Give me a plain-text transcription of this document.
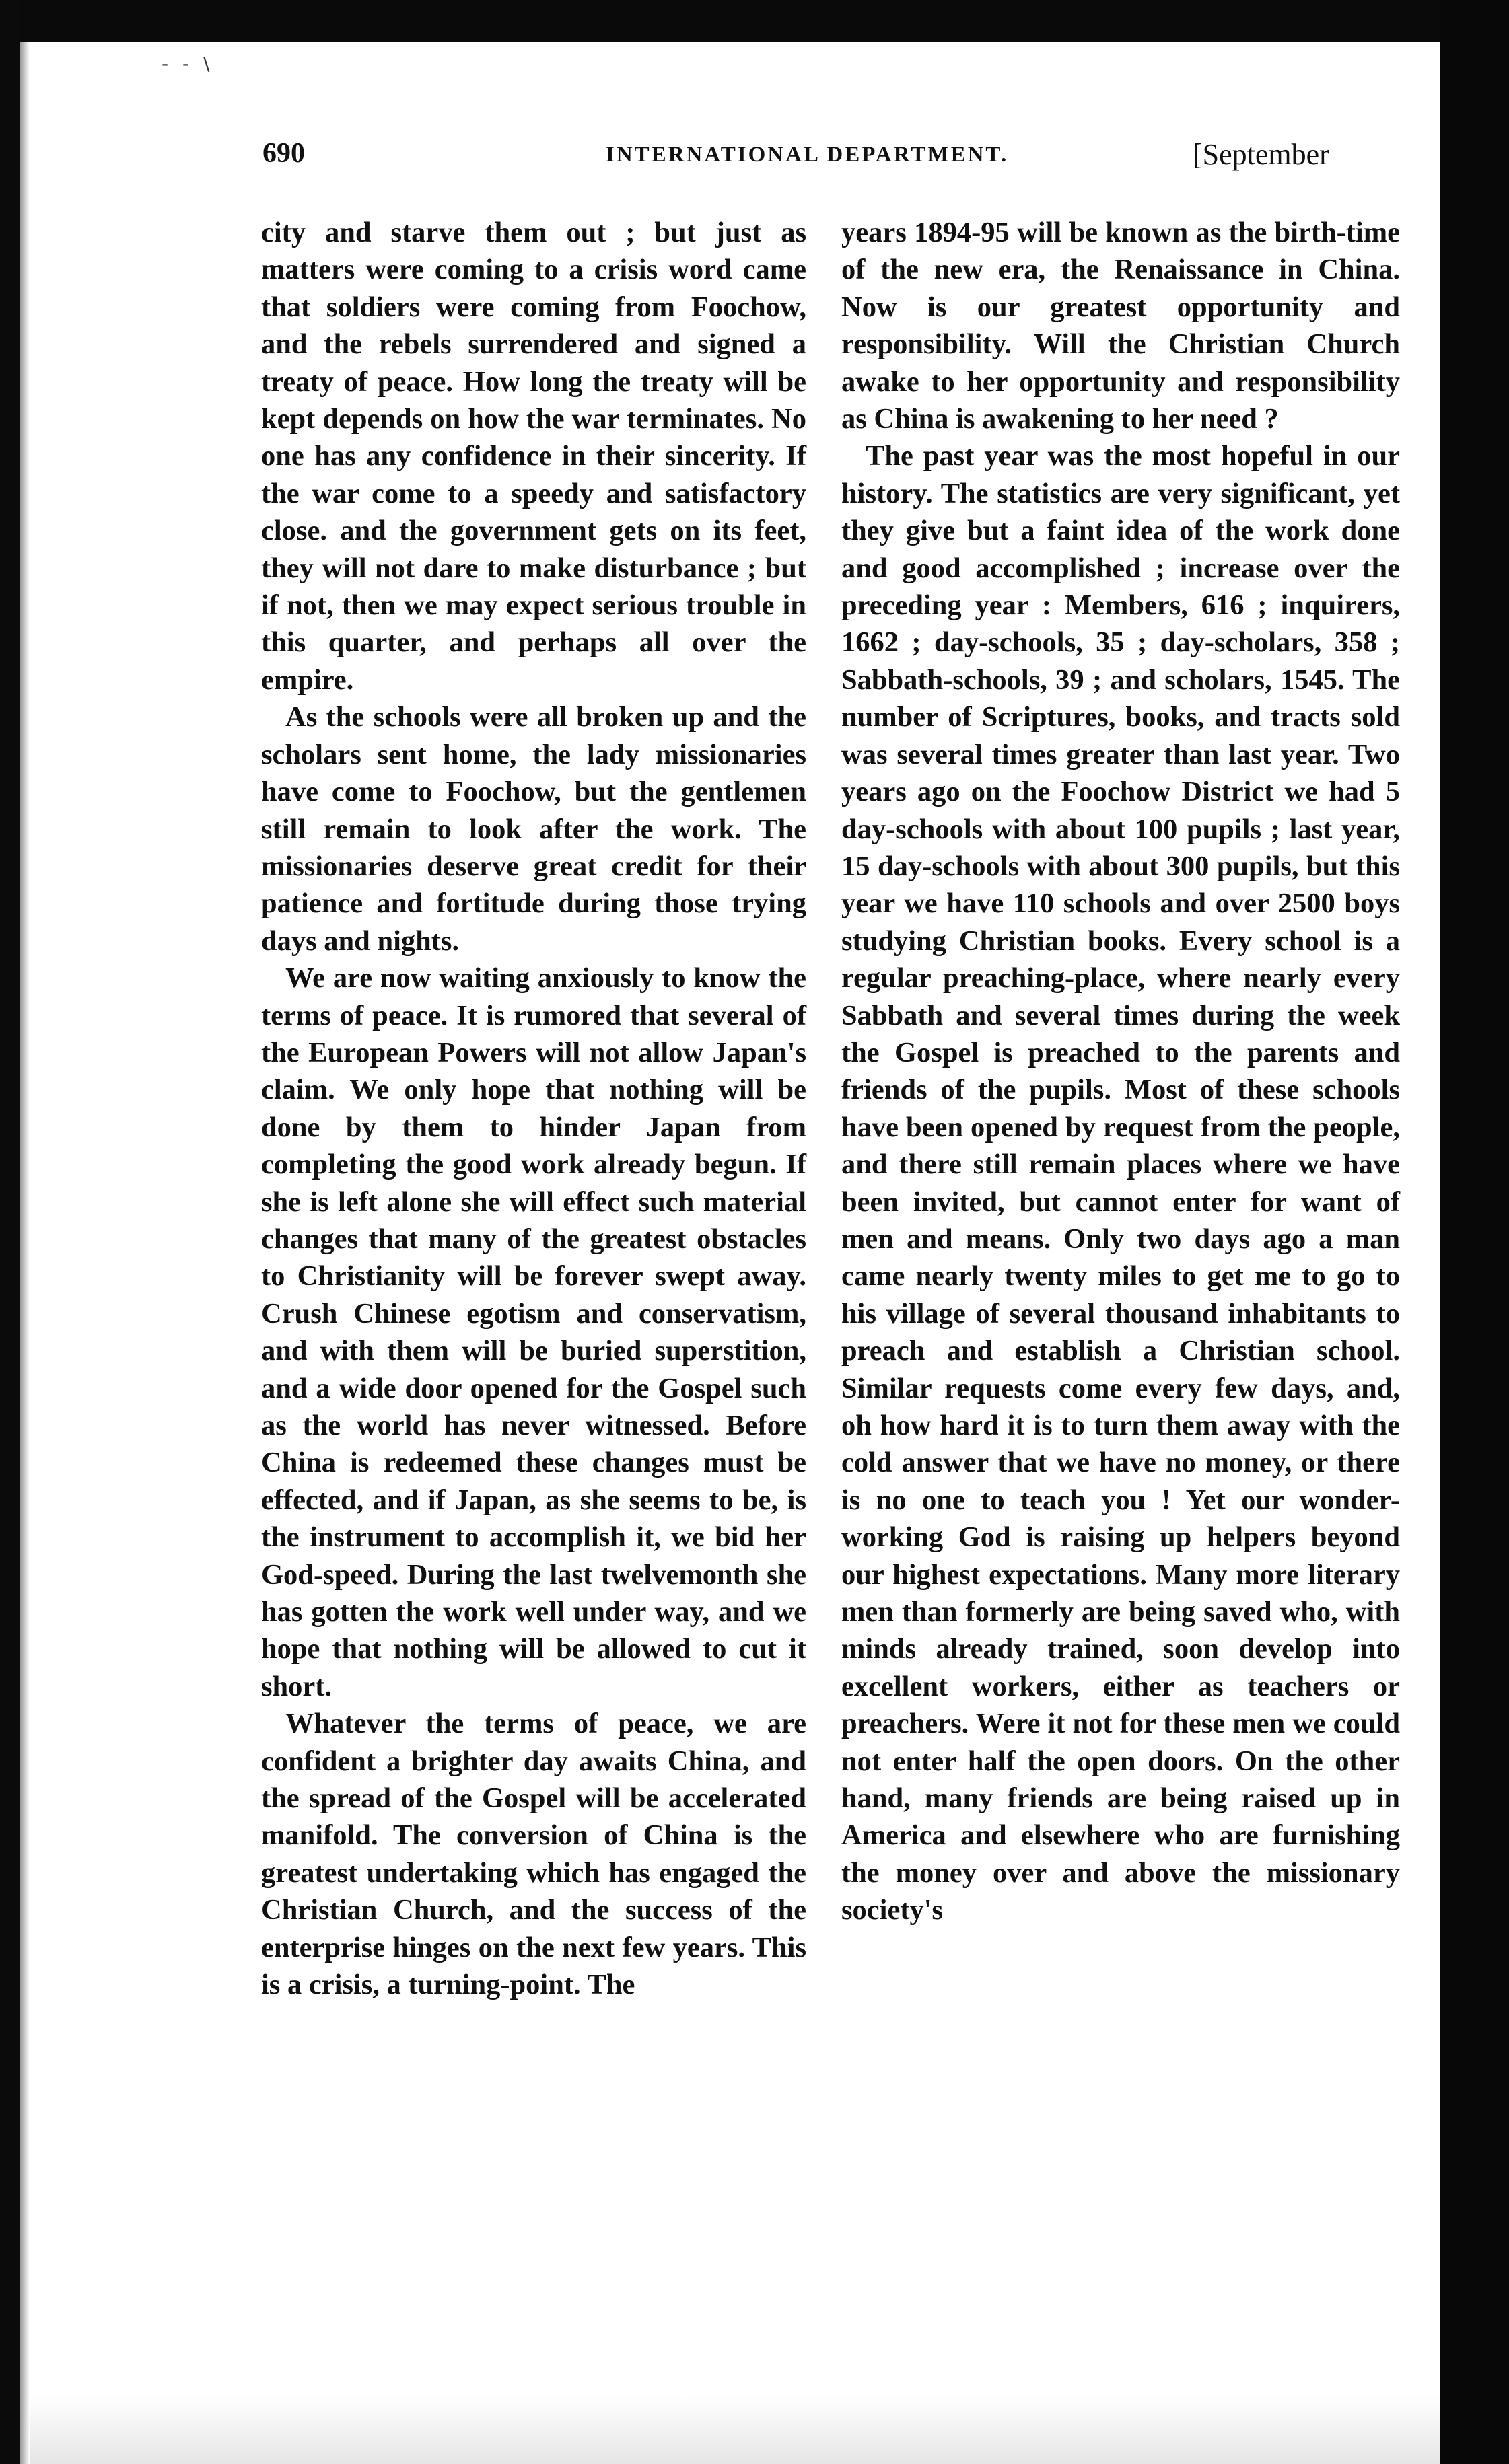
- - \
690	INTERNATIONAL DEPARTMENT.	[September

city and starve them out ; but just as matters were coming to a crisis word came that soldiers were coming from Foochow, and the rebels surrendered and signed a treaty of peace. How long the treaty will be kept depends on how the war terminates. No one has any confidence in their sincerity. If the war come to a speedy and satisfactory close. and the government gets on its feet, they will not dare to make disturbance ; but if not, then we may expect serious trouble in this quarter, and perhaps all over the empire.

As the schools were all broken up and the scholars sent home, the lady missionaries have come to Foochow, but the gentlemen still remain to look after the work. The missionaries deserve great credit for their patience and fortitude during those trying days and nights.

We are now waiting anxiously to know the terms of peace. It is rumored that several of the European Powers will not allow Japan's claim. We only hope that nothing will be done by them to hinder Japan from completing the good work already begun. If she is left alone she will effect such material changes that many of the greatest obstacles to Christianity will be forever swept away. Crush Chinese egotism and conservatism, and with them will be buried superstition, and a wide door opened for the Gospel such as the world has never witnessed. Before China is redeemed these changes must be effected, and if Japan, as she seems to be, is the instrument to accomplish it, we bid her God-speed. During the last twelvemonth she has gotten the work well under way, and we hope that nothing will be allowed to cut it short.

Whatever the terms of peace, we are confident a brighter day awaits China, and the spread of the Gospel will be accelerated manifold. The conversion of China is the greatest undertaking which has engaged the Christian Church, and the success of the enterprise hinges on the next few years. This is a crisis, a turning-point. The

years 1894-95 will be known as the birth-time of the new era, the Renaissance in China. Now is our greatest opportunity and responsibility. Will the Christian Church awake to her opportunity and responsibility as China is awakening to her need ?

The past year was the most hopeful in our history. The statistics are very significant, yet they give but a faint idea of the work done and good accomplished ; increase over the preceding year : Members, 616 ; inquirers, 1662 ; day-schools, 35 ; day-scholars, 358 ; Sabbath-schools, 39 ; and scholars, 1545. The number of Scriptures, books, and tracts sold was several times greater than last year. Two years ago on the Foochow District we had 5 day-schools with about 100 pupils ; last year, 15 day-schools with about 300 pupils, but this year we have 110 schools and over 2500 boys studying Christian books. Every school is a regular preaching-place, where nearly every Sabbath and several times during the week the Gospel is preached to the parents and friends of the pupils. Most of these schools have been opened by request from the people, and there still remain places where we have been invited, but cannot enter for want of men and means. Only two days ago a man came nearly twenty miles to get me to go to his village of several thousand inhabitants to preach and establish a Christian school. Similar requests come every few days, and, oh how hard it is to turn them away with the cold answer that we have no money, or there is no one to teach you ! Yet our wonder-working God is raising up helpers beyond our highest expectations. Many more literary men than formerly are being saved who, with minds already trained, soon develop into excellent workers, either as teachers or preachers. Were it not for these men we could not enter half the open doors. On the other hand, many friends are being raised up in America and elsewhere who are furnishing the money over and above the missionary society's
